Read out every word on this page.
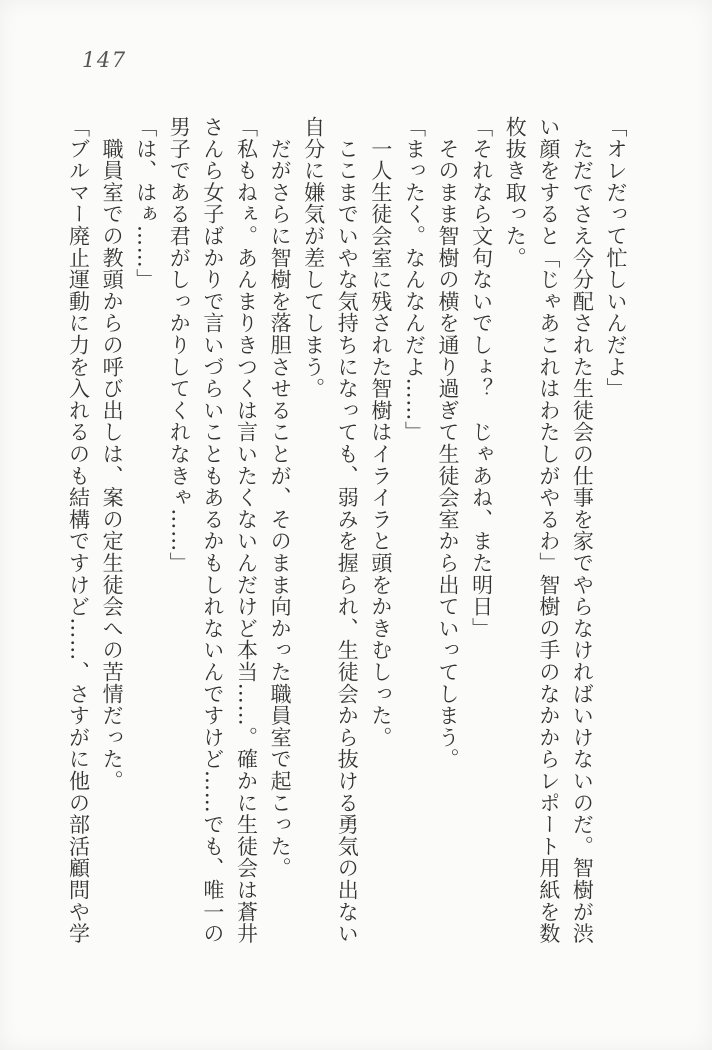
147
「オレだって忙しいんだよ」
　ただでさえ今分配された生徒会の仕事を家でやらなければいけないのだ。智樹が渋
い顔をすると「じゃあこれはわたしがやるわ」智樹の手のなかからレポート用紙を数
枚抜き取った。
「それなら文句ないでしょ？　じゃあね、また明日」
　そのまま智樹の横を通り過ぎて生徒会室から出ていってしまう。
「まったく。なんなんだよ……」
　一人生徒会室に残された智樹はイライラと頭をかきむしった。
　ここまでいやな気持ちになっても、弱みを握られ、生徒会から抜ける勇気の出ない
自分に嫌気が差してしまう。
　だがさらに智樹を落胆させることが、そのまま向かった職員室で起こった。
「私もねぇ。あんまりきつくは言いたくないんだけど本当……。確かに生徒会は蒼井
さんら女子ばかりで言いづらいこともあるかもしれないんですけど……でも、唯一の
男子である君がしっかりしてくれなきゃ……」
「は、はぁ……」
　職員室での教頭からの呼び出しは、案の定生徒会への苦情だった。
「ブルマー廃止運動に力を入れるのも結構ですけど……、さすがに他の部活顧問や学
